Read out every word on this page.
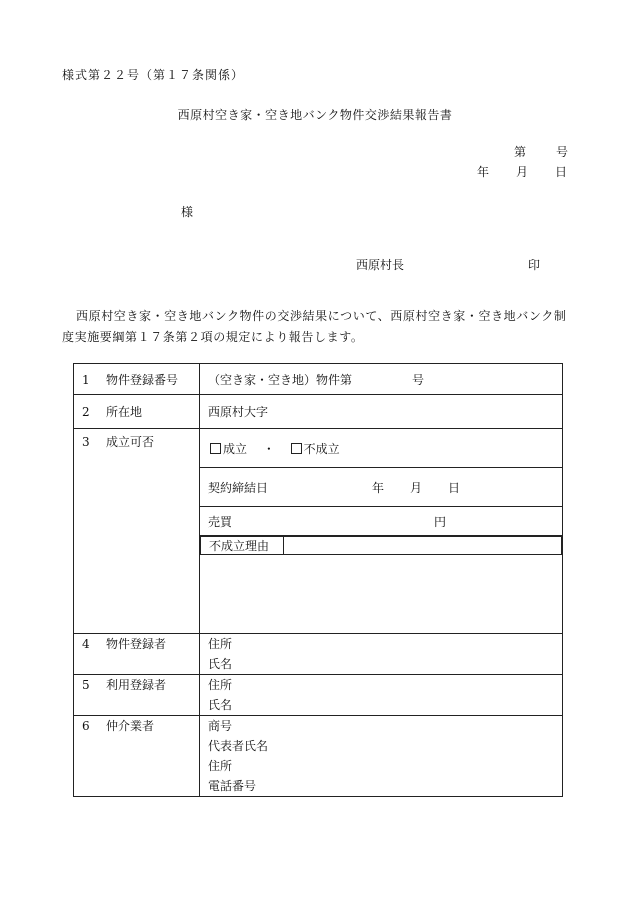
様式第２２号（第１７条関係）
西原村空き家・空き地バンク物件交渉結果報告書
第 号
年 月 日
様
西原村長	印
西原村空き家・空き地バンク物件の交渉結果について、西原村空き家・空き地バンク制度実施要綱第１７条第２項の規定により報告します。
1 物件登録番号	（空き家・空き地）物件第	号
2 所在地	西原村大字
3 成立可否	成立 ・ 不成立
契約締結日	年 月 日
売買	円

不成立理由	

4 物件登録者	住所
氏名

5 利用登録者	住所
氏名

6 仲介業者	商号
代表者氏名
住所
電話番号
